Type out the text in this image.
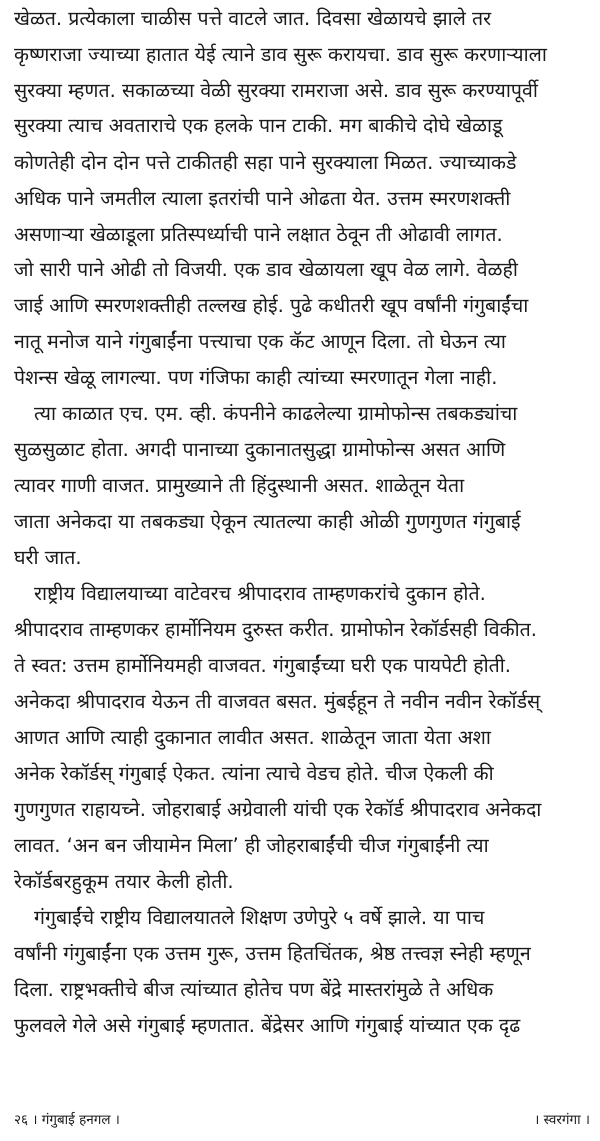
खेळत. प्रत्येकाला चाळीस पत्ते वाटले जात. दिवसा खेळायचे झाले तर
कृष्णराजा ज्याच्या हातात येई त्याने डाव सुरू करायचा. डाव सुरू करणाऱ्याला
सुरक्या म्हणत. सकाळच्या वेळी सुरक्या रामराजा असे. डाव सुरू करण्यापूर्वी
सुरक्या त्याच अवताराचे एक हलके पान टाकी. मग बाकीचे दोघे खेळाडू
कोणतेही दोन दोन पत्ते टाकीतही सहा पाने सुरक्याला मिळत. ज्याच्याकडे
अधिक पाने जमतील त्याला इतरांची पाने ओढता येत. उत्तम स्मरणशक्ती
असणाऱ्या खेळाडूला प्रतिस्पर्ध्याची पाने लक्षात ठेवून ती ओढावी लागत.
जो सारी पाने ओढी तो विजयी. एक डाव खेळायला खूप वेळ लागे. वेळही
जाई आणि स्मरणशक्तीही तल्लख होई. पुढे कधीतरी खूप वर्षांनी गंगुबाईंचा
नातू मनोज याने गंगुबाईंना पत्त्याचा एक कॅट आणून दिला. तो घेऊन त्या
पेशन्स खेळू लागल्या. पण गंजिफा काही त्यांच्या स्मरणातून गेला नाही.
त्या काळात एच. एम. व्ही. कंपनीने काढलेल्या ग्रामोफोन्स तबकड्यांचा
सुळसुळाट होता. अगदी पानाच्या दुकानातसुद्धा ग्रामोफोन्स असत आणि
त्यावर गाणी वाजत. प्रामुख्याने ती हिंदुस्थानी असत. शाळेतून येता
जाता अनेकदा या तबकड्या ऐकून त्यातल्या काही ओळी गुणगुणत गंगुबाई
घरी जात.
राष्ट्रीय विद्यालयाच्या वाटेवरच श्रीपादराव ताम्हणकरांचे दुकान होते.
श्रीपादराव ताम्हणकर हार्मोनियम दुरुस्त करीत. ग्रामोफोन रेकॉर्डसही विकीत.
ते स्वत: उत्तम हार्मोनियमही वाजवत. गंगुबाईंच्या घरी एक पायपेटी होती.
अनेकदा श्रीपादराव येऊन ती वाजवत बसत. मुंबईहून ते नवीन नवीन रेकॉर्डस्
आणत आणि त्याही दुकानात लावीत असत. शाळेतून जाता येता अशा
अनेक रेकॉर्डस् गंगुबाई ऐकत. त्यांना त्याचे वेडच होते. चीज ऐकली की
गुणगुणत राहायच्ने. जोहराबाई अग्रेवाली यांची एक रेकॉर्ड श्रीपादराव अनेकदा
लावत. ‘अन बन जीयामेन मिला’ ही जोहराबाईंची चीज गंगुबाईंनी त्या
रेकॉर्डबरहुकूम तयार केली होती.
गंगुबाईंचे राष्ट्रीय विद्यालयातले शिक्षण उणेपुरे ५ वर्षे झाले. या पाच
वर्षांनी गंगुबाईंना एक उत्तम गुरू, उत्तम हितचिंतक, श्रेष्ठ तत्त्वज्ञ स्नेही म्हणून
दिला. राष्ट्रभक्तीचे बीज त्यांच्यात होतेच पण बेंद्रे मास्तरांमुळे ते अधिक
फुलवले गेले असे गंगुबाई म्हणतात. बेंद्रेसर आणि गंगुबाई यांच्यात एक दृढ
२६ । गंगुबाई हनगल ।	। स्वरगंगा ।
